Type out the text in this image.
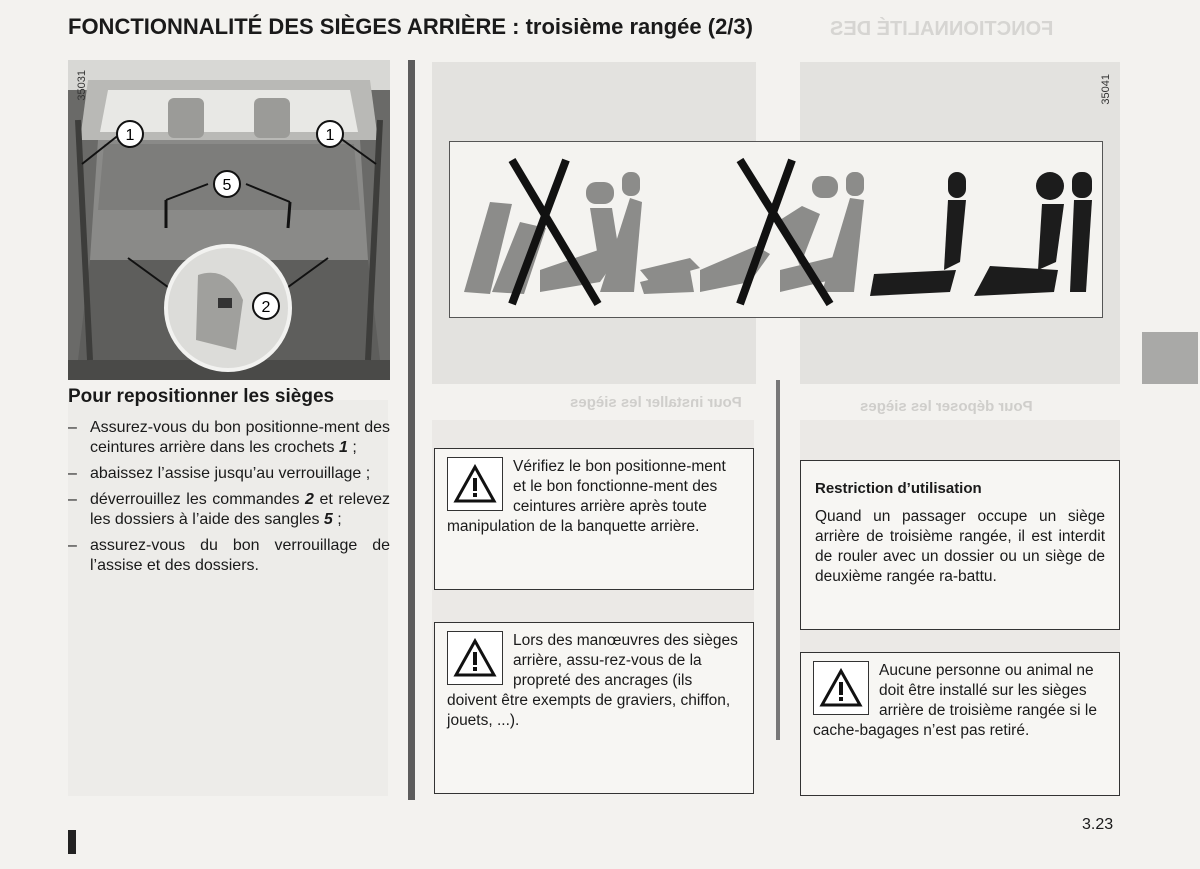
FONCTIONNALITÉ DES SIÈGES ARRIÈRE : troisième rangée (2/3)	FONCTIONNALITÉ DES
Pour installer les sièges	Pour déposer les sièges
35031
1	1
5
2
35041
Pour repositionner les sièges
– Assurez-vous du bon positionne-ment des ceintures arrière dans les crochets 1 ;
– abaissez l’assise jusqu’au verrouillage ;
– déverrouillez les commandes 2 et relevez les dossiers à l’aide des sangles 5 ;
– assurez-vous du bon verrouillage de l’assise et des dossiers.
Vérifiez le bon positionne-ment et le bon fonctionne-ment des ceintures arrière après toute manipulation de la banquette arrière.
Lors des manœuvres des sièges arrière, assu-rez-vous de la propreté des ancrages (ils doivent être exempts de graviers, chiffon, jouets, ...).
Restriction d’utilisation
Quand un passager occupe un siège arrière de troisième rangée, il est interdit de rouler avec un dossier ou un siège de deuxième rangée ra-battu.
Aucune personne ou animal ne doit être installé sur les sièges arrière de troisième rangée si le cache-bagages n’est pas retiré.
3.23
